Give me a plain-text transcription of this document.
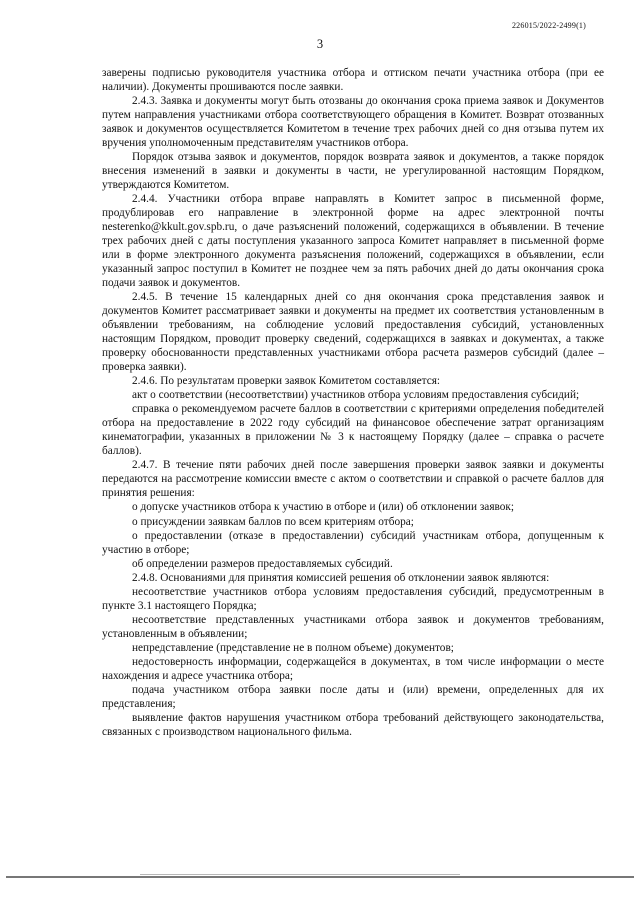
226015/2022-2499(1)
3

заверены подписью руководителя участника отбора и оттиском печати участника отбора (при ее наличии). Документы прошиваются после заявки.

2.4.3. Заявка и документы могут быть отозваны до окончания срока приема заявок и Документов путем направления участниками отбора соответствующего обращения в Комитет. Возврат отозванных заявок и документов осуществляется Комитетом в течение трех рабочих дней со дня отзыва путем их вручения уполномоченным представителям участников отбора.

Порядок отзыва заявок и документов, порядок возврата заявок и документов, а также порядок внесения изменений в заявки и документы в части, не урегулированной настоящим Порядком, утверждаются Комитетом.

2.4.4. Участники отбора вправе направлять в Комитет запрос в письменной форме, продублировав его направление в электронной форме на адрес электронной почты nesterenko@kkult.gov.spb.ru, о даче разъяснений положений, содержащихся в объявлении. В течение трех рабочих дней с даты поступления указанного запроса Комитет направляет в письменной форме или в форме электронного документа разъяснения положений, содержащихся в объявлении, если указанный запрос поступил в Комитет не позднее чем за пять рабочих дней до даты окончания срока подачи заявок и документов.

2.4.5. В течение 15 календарных дней со дня окончания срока представления заявок и документов Комитет рассматривает заявки и документы на предмет их соответствия установленным в объявлении требованиям, на соблюдение условий предоставления субсидий, установленных настоящим Порядком, проводит проверку сведений, содержащихся в заявках и документах, а также проверку обоснованности представленных участниками отбора расчета размеров субсидий (далее – проверка заявки).

2.4.6. По результатам проверки заявок Комитетом составляется:

акт о соответствии (несоответствии) участников отбора условиям предоставления субсидий;

справка о рекомендуемом расчете баллов в соответствии с критериями определения победителей отбора на предоставление в 2022 году субсидий на финансовое обеспечение затрат организациям кинематографии, указанных в приложении № 3 к настоящему Порядку (далее – справка о расчете баллов).

2.4.7. В течение пяти рабочих дней после завершения проверки заявок заявки и документы передаются на рассмотрение комиссии вместе с актом о соответствии и справкой о расчете баллов для принятия решения:

о допуске участников отбора к участию в отборе и (или) об отклонении заявок;

о присуждении заявкам баллов по всем критериям отбора;

о предоставлении (отказе в предоставлении) субсидий участникам отбора, допущенным к участию в отборе;

об определении размеров предоставляемых субсидий.

2.4.8. Основаниями для принятия комиссией решения об отклонении заявок являются:

несоответствие участников отбора условиям предоставления субсидий, предусмотренным в пункте 3.1 настоящего Порядка;

несоответствие представленных участниками отбора заявок и документов требованиям, установленным в объявлении;

непредставление (представление не в полном объеме) документов;

недостоверность информации, содержащейся в документах, в том числе информации о месте нахождения и адресе участника отбора;

подача участником отбора заявки после даты и (или) времени, определенных для их представления;

выявление фактов нарушения участником отбора требований действующего законодательства, связанных с производством национального фильма.
